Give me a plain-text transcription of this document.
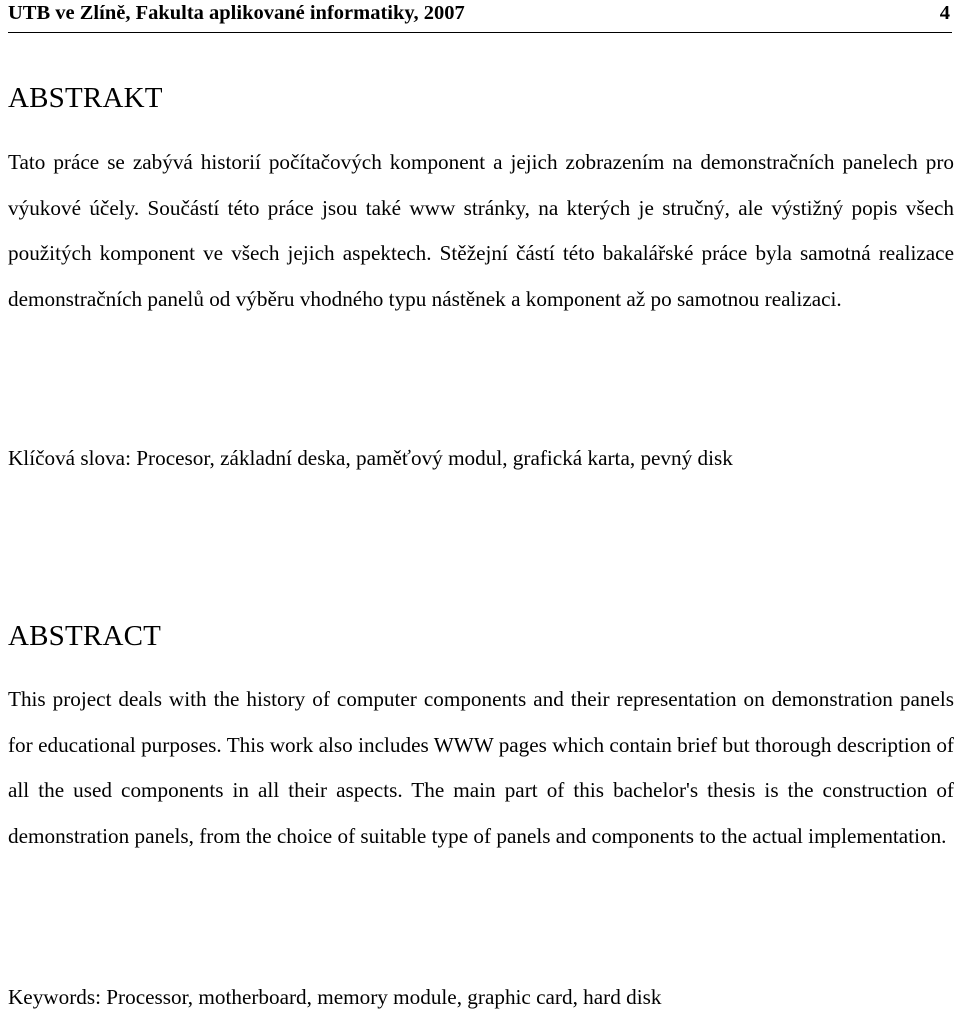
UTB ve Zlíně, Fakulta aplikované informatiky, 2007	4
ABSTRAKT

Tato práce se zabývá historií počítačových komponent a jejich zobrazením na demonstračních panelech pro výukové účely. Součástí této práce jsou také www stránky, na kterých je stručný, ale výstižný popis všech použitých komponent ve všech jejich aspektech. Stěžejní částí této bakalářské práce byla samotná realizace demonstračních panelů od výběru vhodného typu nástěnek a komponent až po samotnou realizaci.

Klíčová slova: Procesor, základní deska, paměťový modul, grafická karta, pevný disk

ABSTRACT

This project deals with the history of computer components and their representation on demonstration panels for educational purposes. This work also includes WWW pages which contain brief but thorough description of all the used components in all their aspects. The main part of this bachelor's thesis is the construction of demonstration panels, from the choice of suitable type of panels and components to the actual implementation.

Keywords: Processor, motherboard, memory module, graphic card, hard disk
